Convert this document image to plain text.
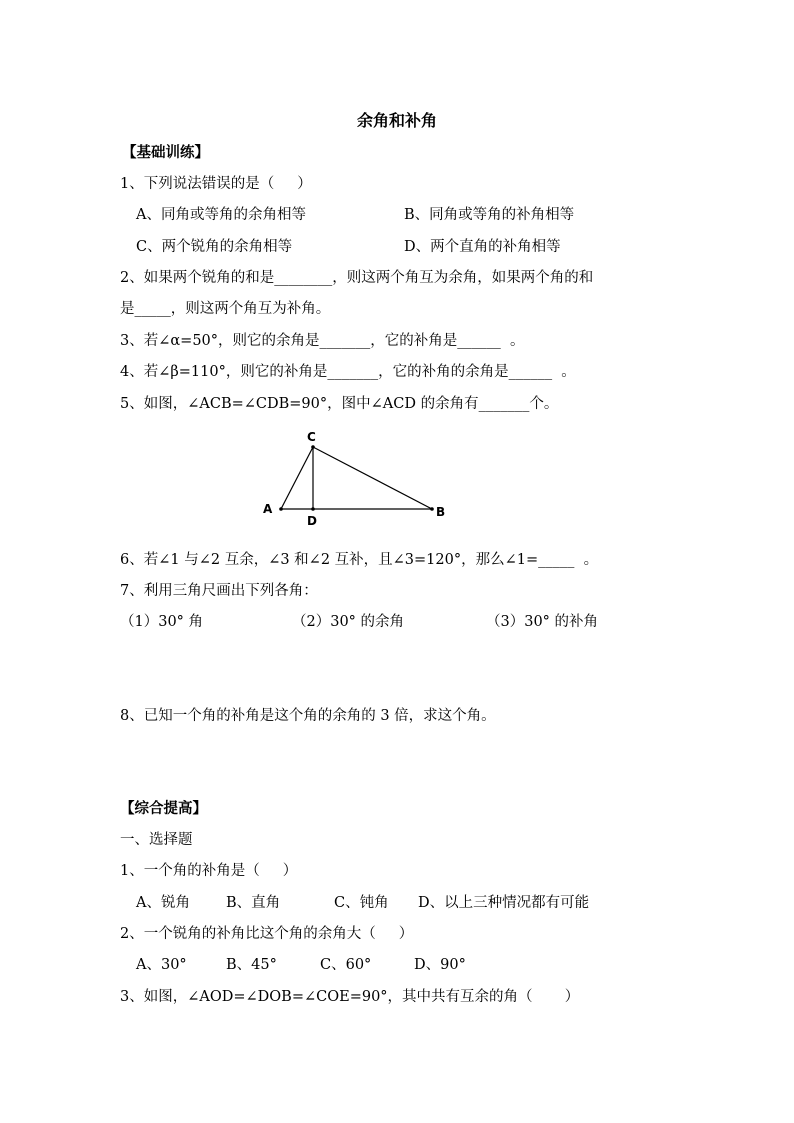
余角和补角
【基础训练】
1、下列说法错误的是（     ）
A、同角或等角的余角相等	B、同角或等角的补角相等
C、两个锐角的余角相等	D、两个直角的补角相等
2、如果两个锐角的和是________，则这两个角互为余角，如果两个角的和
是_____，则这两个角互为补角。
3、若∠α=50°，则它的余角是_______，它的补角是______  。
4、若∠β=110°，则它的补角是_______，它的补角的余角是______  。
5、如图，∠ACB=∠CDB=90°，图中∠ACD 的余角有_______个。
A	B
C
D
6、若∠1 与∠2 互余，∠3 和∠2 互补，且∠3=120°，那么∠1=_____  。
7、利用三角尺画出下列各角：
（1）30° 角	（2）30° 的余角	（3）30° 的补角
8、已知一个角的补角是这个角的余角的 3 倍，求这个角。
【综合提高】
一、选择题
1、一个角的补角是（     ）
A、锐角 B、直角	C、钝角 D、以上三种情况都有可能
2、一个锐角的补角比这个角的余角大（     ）
A、30°	B、45°	C、60°	D、90°
3、如图，∠AOD=∠DOB=∠COE=90°，其中共有互余的角（       ）
